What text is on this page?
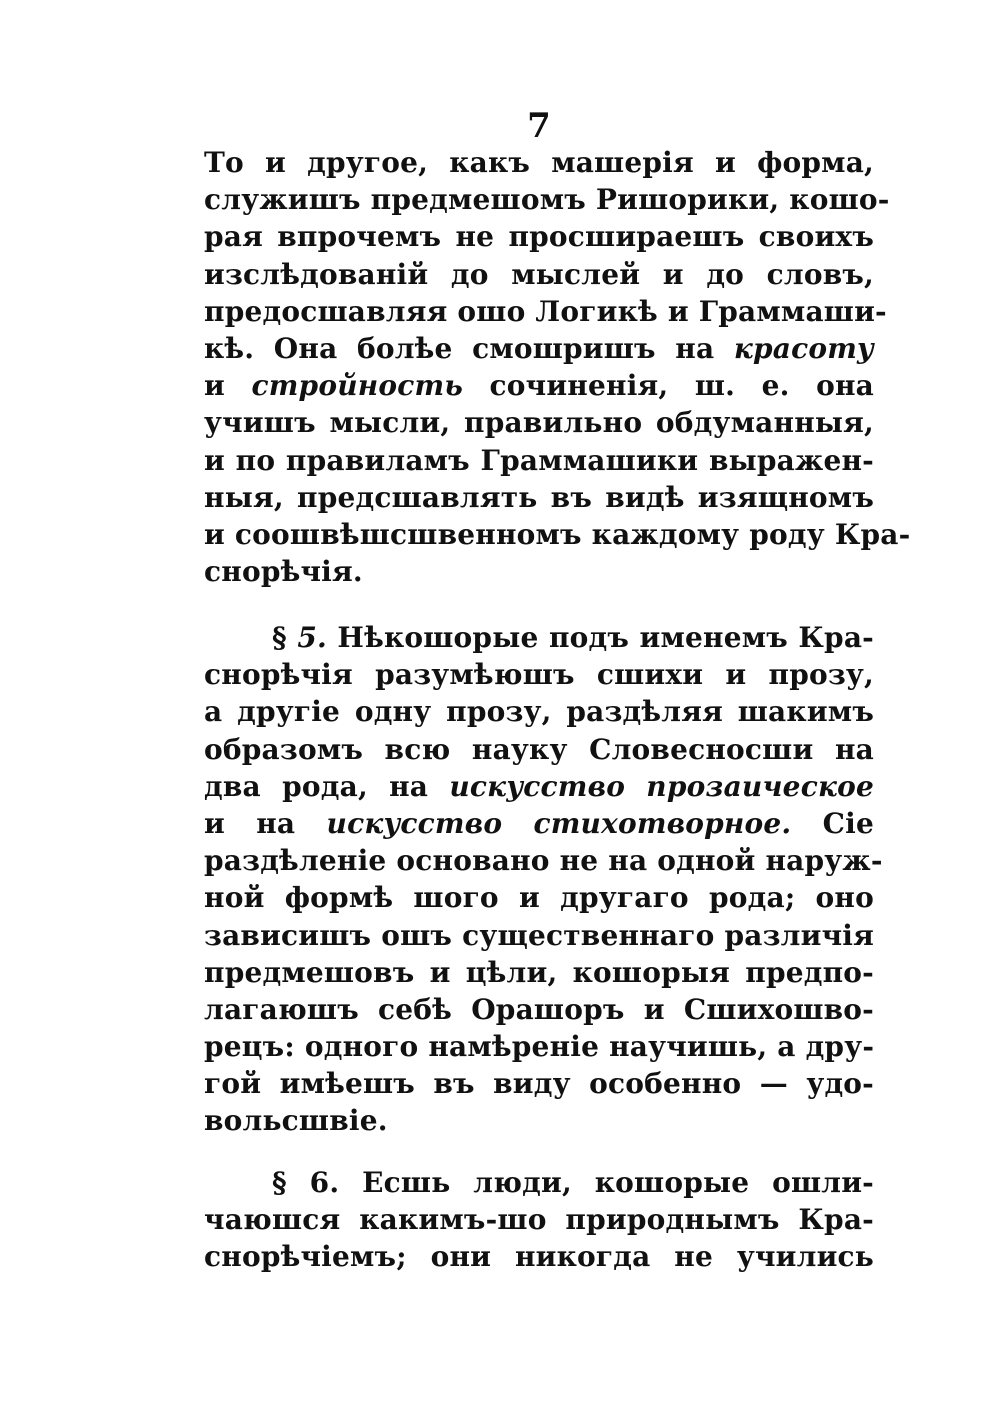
7
То и другое, какъ машерія и форма,
служишъ предмешомъ Ришорики, кошо-
рая впрочемъ не просшираешъ своихъ
изслѣдованій до мыслей и до словъ,
предосшавляя ошо Логикѣ и Граммаши-
кѣ. Она болѣе смошришъ на красоту
и стройность сочиненія, ш. е. она
учишъ мысли, правильно обдуманныя,
и по правиламъ Граммашики выражен-
ныя, предсшавлять въ видѣ изящномъ
и соошвѣшсшвенномъ каждому роду Кра-
снорѣчія.
§ 5. Нѣкошорые подъ именемъ Кра-
снорѣчія разумѣюшъ сшихи и прозу,
а другіе одну прозу, раздѣляя шакимъ
образомъ всю науку Словесносши на
два рода, на искусство прозаическое
и на искусство стихотворное. Сіе
раздѣленіе основано не на одной наруж-
ной формѣ шого и другаго рода; оно
зависишъ ошъ существеннаго различія
предмешовъ и цѣли, кошорыя предпо-
лагаюшъ себѣ Орашоръ и Сшихошво-
рецъ: одного намѣреніе научишь, а дру-
гой имѣешъ въ виду особенно — удо-
вольсшвіе.
§ 6. Есшь люди, кошорые ошли-
чаюшся какимъ-шо природнымъ Кра-
снорѣчіемъ; они никогда не учились
